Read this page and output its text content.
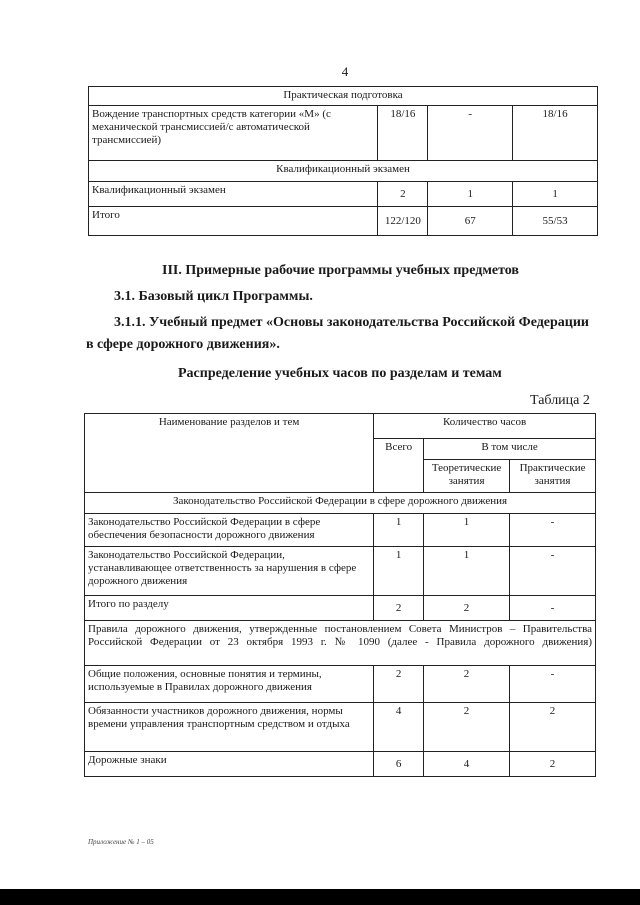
4
Практическая подготовка			
Вождение транспортных средств категории «М» (с механической трансмиссией/с автоматической трансмиссией)	18/16	-	18/16
Квалификационный экзамен			
Квалификационный экзамен	2	1	1
Итого	122/120	67	55/53
III. Примерные рабочие программы учебных предметов
3.1. Базовый цикл Программы.
3.1.1. Учебный предмет «Основы законодательства Российской Федерации
в сфере дорожного движения».
Распределение учебных часов по разделам и темам
Таблица 2
Наименование разделов и тем	Количество часов		
	Всего	В том числе	
		Теоретические занятия	Практические занятия
Законодательство Российской Федерации в сфере дорожного движения			
Законодательство Российской Федерации в сфере обеспечения безопасности дорожного движения	1	1	-
Законодательство Российской Федерации, устанавливающее ответственность за нарушения в сфере дорожного движения	1	1	-
Итого по разделу	2	2	-
Правила дорожного движения, утвержденные постановлением Совета Министров – Правительства Российской Федерации от 23 октября 1993 г. № 1090 (далее - Правила дорожного движения)			
Общие положения, основные понятия и термины, используемые в Правилах дорожного движения	2	2	-
Обязанности участников дорожного движения, нормы времени управления транспортным средством и отдыха	4	2	2
Дорожные знаки	6	4	2
Приложение № 1 – 05
